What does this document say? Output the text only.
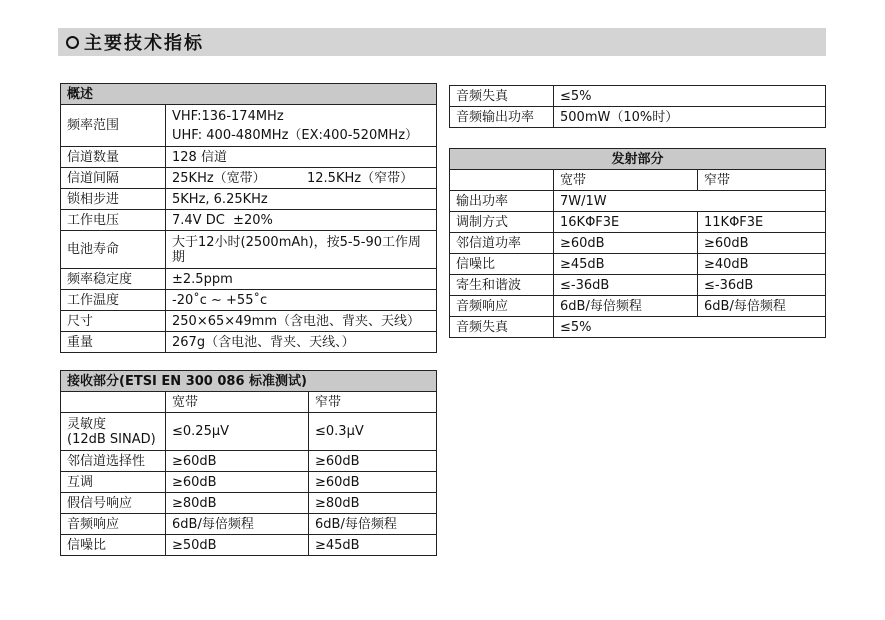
主要技术指标
概述	
频率范围	VHF:136-174MHz
UHF: 400-480MHz（EX:400-520MHz）

信道数量	128 信道
信道间隔	25KHz（宽带） 12.5KHz（窄带）
锁相步进	5KHz, 6.25KHz
工作电压	7.4V DC  ±20%
电池寿命	大于12小时(2500mAh)，按5-5-90工作周期
频率稳定度	±2.5ppm
工作温度	-20˚c ~ +55˚c
尺寸	250×65×49mm（含电池、背夹、天线）
重量	267g（含电池、背夹、天线、）
接收部分(ETSI EN 300 086 标准测试)		
	宽带	窄带

灵敏度
(12dB SINAD)	≤0.25μV	≤0.3μV
邻信道选择性	≥60dB	≥60dB
互调	≥60dB	≥60dB
假信号响应	≥80dB	≥80dB
音频响应	6dB/每倍频程	6dB/每倍频程
信噪比	≥50dB	≥45dB
音频失真	≤5%
音频输出功率	500mW（10%时）
发射部分		
	宽带	窄带
输出功率	7W/1W	
调制方式	16KΦF3E	11KΦF3E
邻信道功率	≥60dB	≥60dB
信噪比	≥45dB	≥40dB
寄生和谐波	≤-36dB	≤-36dB
音频响应	6dB/每倍频程	6dB/每倍频程
音频失真	≤5%	
